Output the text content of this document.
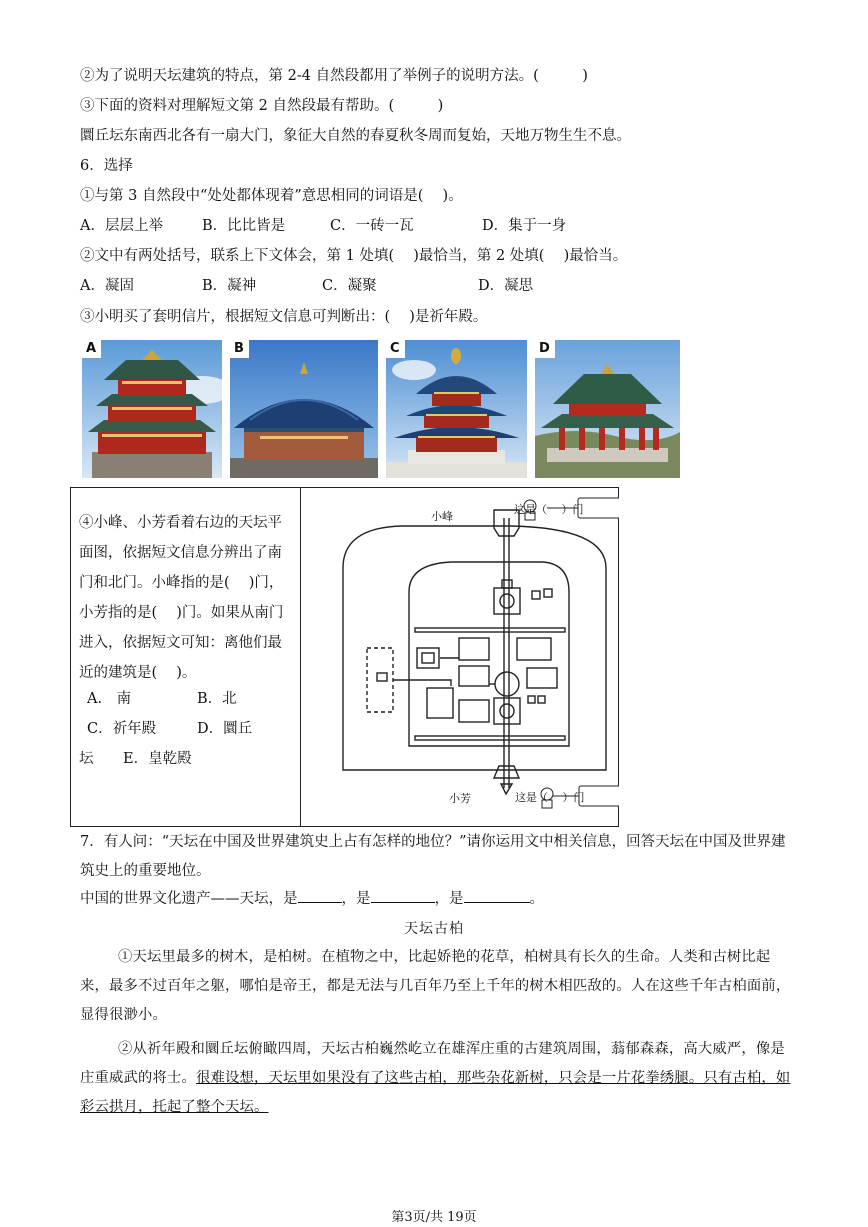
②为了说明天坛建筑的特点，第 2-4 自然段都用了举例子的说明方法。(　　　)
③下面的资料对理解短文第 2 自然段最有帮助。(　　　)
圜丘坛东南西北各有一扇大门，象征大自然的春夏秋冬周而复始，天地万物生生不息。
6．选择
①与第 3 自然段中“处处都体现着”意思相同的词语是(　 )。
A．层层上举	B．比比皆是	C．一砖一瓦	D．集于一身
②文中有两处括号，联系上下文体会，第 1 处填(　 )最恰当，第 2 处填(　 )最恰当。
A．凝固	B．凝神	C．凝聚	D．凝思
③小明买了套明信片，根据短文信息可判断出：(　 )是祈年殿。
A	B	C	D
④小峰、小芳看着右边的天坛平面图，依据短文信息分辨出了南门和北门。小峰指的是(　 )门，小芳指的是(　 )门。如果从南门进入，依据短文可知：离他们最近的建筑是(　 )。
A.　南	B．北
C．祈年殿	D．圜丘
坛 E．皇乾殿
小峰
这是（　 ）门
小芳	这是（　 ）门
7．有人问：“天坛在中国及世界建筑史上占有怎样的地位？”请你运用文中相关信息，回答天坛在中国及世界建筑史上的重要地位。
中国的世界文化遗产——天坛，是	，是	，是	。
天坛古柏
①天坛里最多的树木，是柏树。在植物之中，比起娇艳的花草，柏树具有长久的生命。人类和古树比起来，最多不过百年之躯，哪怕是帝王，都是无法与几百年乃至上千年的树木相匹敌的。人在这些千年古柏面前，显得很渺小。
②从祈年殿和圜丘坛俯瞰四周，天坛古柏巍然屹立在雄浑庄重的古建筑周围，蓊郁森森，高大威严，像是庄重威武的将士。很难设想，天坛里如果没有了这些古柏，那些杂花新树，只会是一片花拳绣腿。只有古柏，如彩云拱月，托起了整个天坛。
第3页/共 19页
